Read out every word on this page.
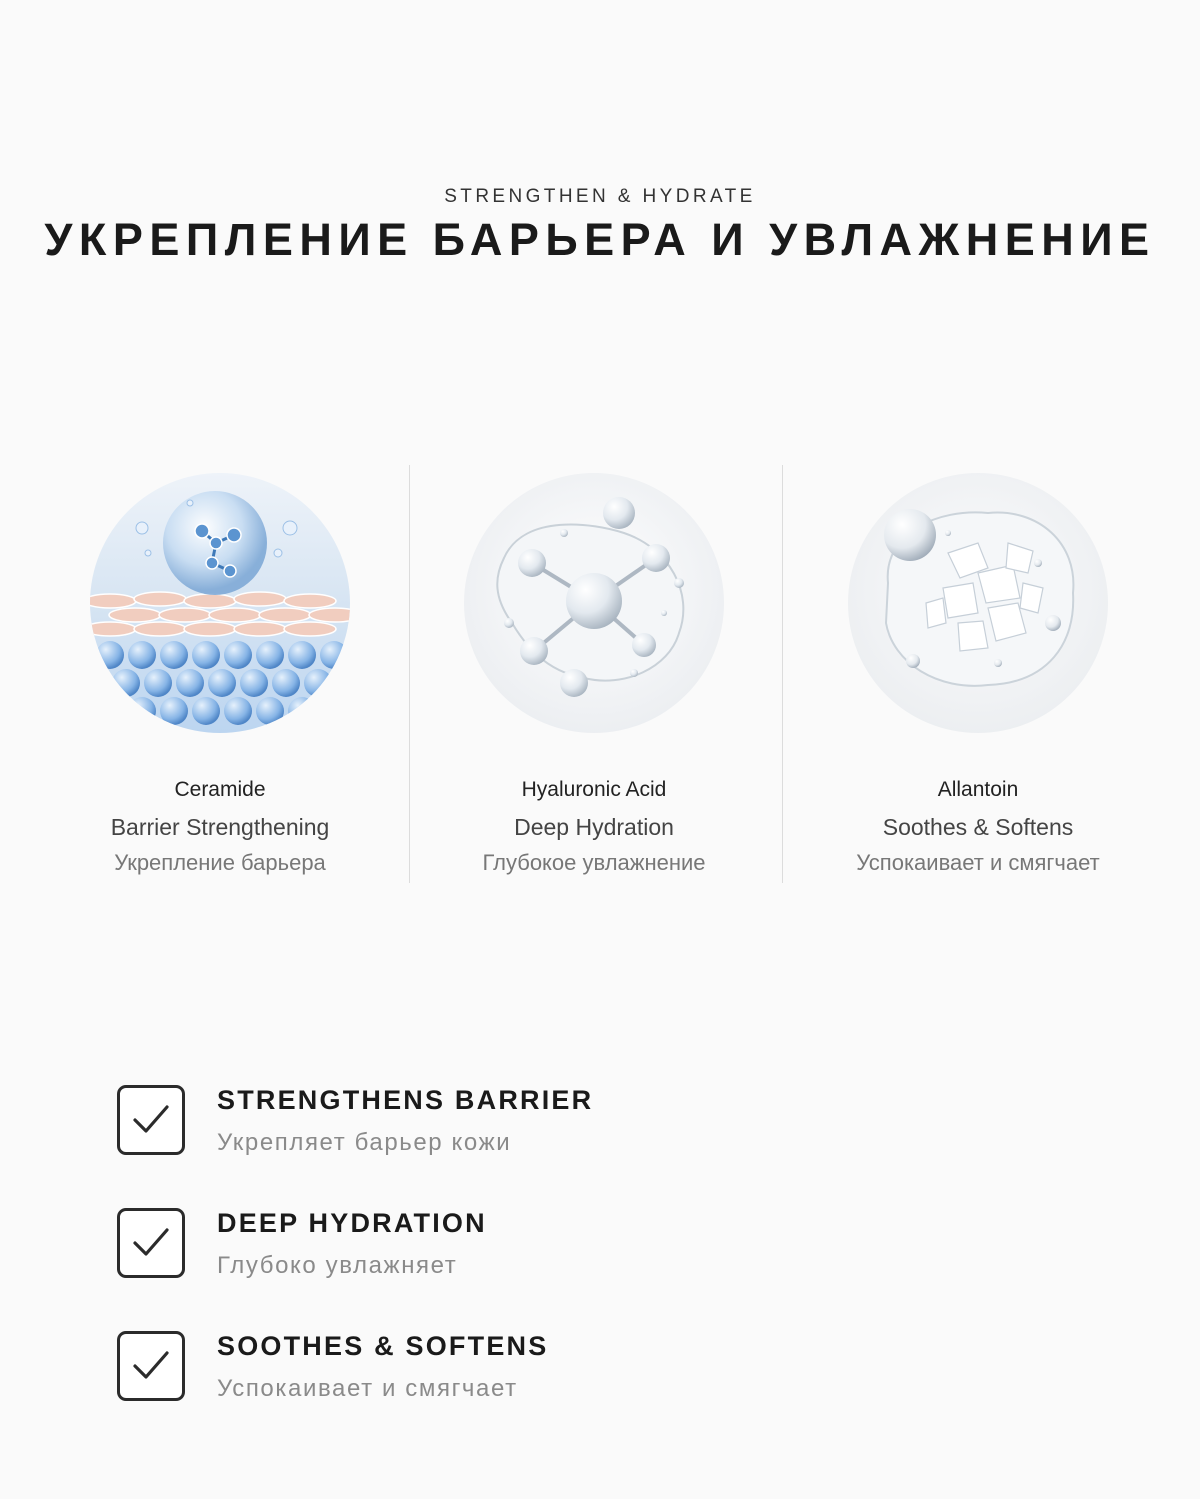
STRENGTHEN & HYDRATE
УКРЕПЛЕНИЕ БАРЬЕРА И УВЛАЖНЕНИЕ
Ceramide
Barrier Strengthening
Укрепление барьера
Hyaluronic Acid
Deep Hydration
Глубокое увлажнение
Allantoin
Soothes & Softens
Успокаивает и смягчает
STRENGTHENS BARRIER
Укрепляет барьер кожи
DEEP HYDRATION
Глубоко увлажняет
SOOTHES & SOFTENS
Успокаивает и смягчает
